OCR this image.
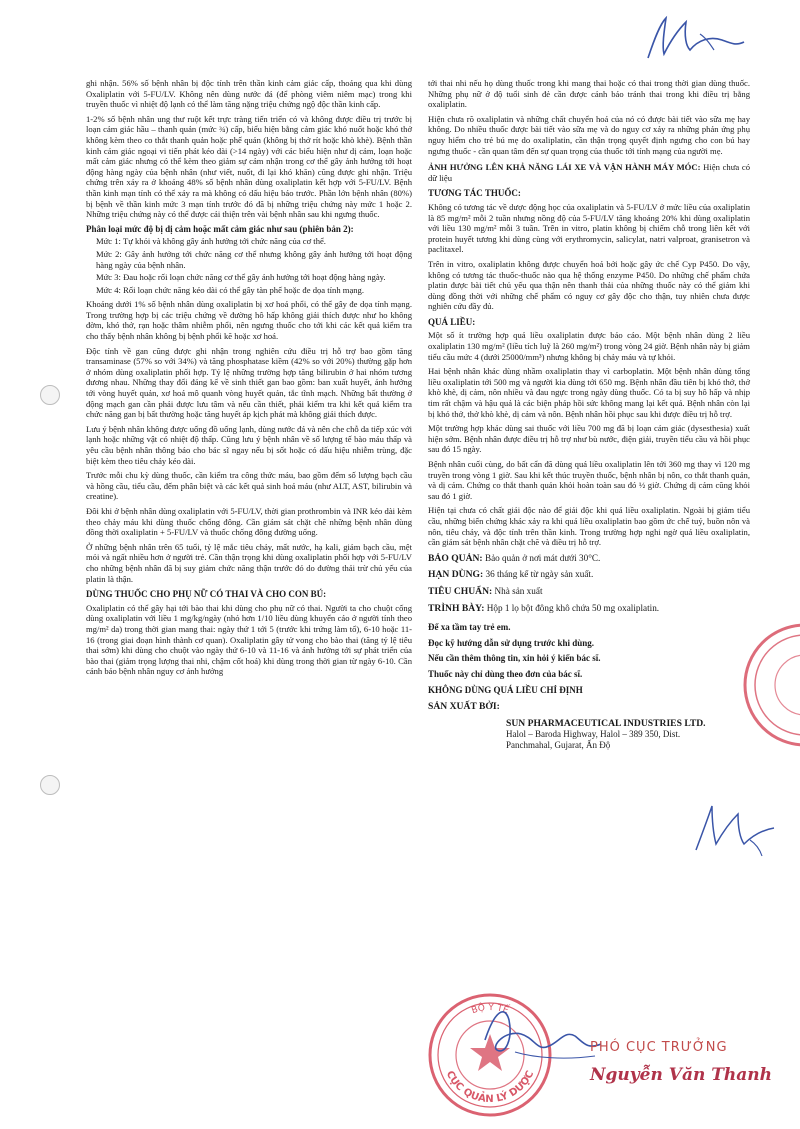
ghi nhận. 56% số bệnh nhân bị độc tính trên thần kinh cảm giác cấp, thoáng qua khi dùng Oxaliplatin với 5-FU/LV. Không nên dùng nước đá (để phòng viêm niêm mạc) trong khi truyền thuốc vì nhiệt độ lạnh có thể làm tăng nặng triệu chứng ngộ độc thần kinh cấp.

1-2% số bệnh nhân ung thư ruột kết trực tràng tiến triển có và không được điều trị trước bị loạn cảm giác hầu – thanh quản (mức ¾) cấp, biểu hiện bằng cảm giác khó nuốt hoặc khó thở không kèm theo co thắt thanh quản hoặc phế quản (không bị thở rít hoặc khò khè). Bệnh thần kinh cảm giác ngoại vi tiến phát kéo dài (>14 ngày) với các biểu hiện như dị cảm, loạn hoặc mất cảm giác nhưng có thể kèm theo giảm sự cảm nhận trong cơ thể gây ảnh hưởng tới hoạt động hàng ngày của bệnh nhân (như viết, nuốt, đi lại khó khăn) cũng được ghi nhận. Triệu chứng trên xảy ra ở khoảng 48% số bệnh nhân dùng oxaliplatin kết hợp với 5-FU/LV. Bệnh thần kinh mạn tính có thể xảy ra mà không có dấu hiệu báo trước. Phần lớn bệnh nhân (80%) bị bệnh về thần kinh mức 3 mạn tính trước đó đã bị những triệu chứng này mức 1 hoặc 2. Những triệu chứng này có thể được cải thiện trên vài bệnh nhân sau khi ngưng thuốc.

Phân loại mức độ bị dị cảm hoặc mất cảm giác như sau (phiên bản 2):
Mức 1: Tự khỏi và không gây ảnh hưởng tới chức năng của cơ thể.
Mức 2: Gây ảnh hưởng tới chức năng cơ thể nhưng không gây ảnh hưởng tới hoạt động hàng ngày của bệnh nhân.
Mức 3: Đau hoặc rối loạn chức năng cơ thể gây ảnh hưởng tới hoạt động hàng ngày.
Mức 4: Rối loạn chức năng kéo dài có thể gây tàn phế hoặc đe dọa tính mạng.

Khoảng dưới 1% số bệnh nhân dùng oxaliplatin bị xơ hoá phổi, có thể gây đe dọa tính mạng. Trong trường hợp bị các triệu chứng về đường hô hấp không giải thích được như ho không đờm, khó thở, rạn hoặc thâm nhiễm phổi, nên ngưng thuốc cho tới khi các kết quả kiểm tra cho thấy bệnh nhân không bị bệnh phổi kẽ hoặc xơ hoá.

Độc tính về gan cũng được ghi nhận trong nghiên cứu điều trị hỗ trợ bao gồm tăng transaminase (57% so với 34%) và tăng phosphatase kiềm (42% so với 20%) thường gặp hơn ở nhóm dùng oxaliplatin phối hợp. Tỷ lệ những trường hợp tăng bilirubin ở hai nhóm tương đương nhau. Những thay đổi đáng kể về sinh thiết gan bao gồm: ban xuất huyết, ảnh hưởng tới vòng huyết quản, xơ hoá mô quanh vòng huyết quản, tắc tĩnh mạch. Những bất thường ở động mạch gan cần phải được lưu tâm và nếu cần thiết, phải kiểm tra khi kết quả kiểm tra chức năng gan bị bất thường hoặc tăng huyết áp kịch phát mà không giải thích được.

Lưu ý bệnh nhân không được uống đồ uống lạnh, dùng nước đá và nên che chỗ da tiếp xúc với lạnh hoặc những vật có nhiệt độ thấp. Cũng lưu ý bệnh nhân về số lượng tế bào máu thấp và yêu cầu bệnh nhân thông báo cho bác sĩ ngay nếu bị sốt hoặc có dấu hiệu nhiễm trùng, đặc biệt kèm theo tiêu chảy kéo dài.

Trước mỗi chu kỳ dùng thuốc, cần kiểm tra công thức máu, bao gồm đếm số lượng bạch cầu và hồng cầu, tiểu cầu, đếm phân biệt và các kết quả sinh hoá máu (như ALT, AST, bilirubin và creatine).

Đôi khi ở bệnh nhân dùng oxaliplatin với 5-FU/LV, thời gian prothrombin và INR kéo dài kèm theo chảy máu khi dùng thuốc chống đông. Cần giám sát chặt chẽ những bệnh nhân dùng đồng thời oxaliplatin + 5-FU/LV và thuốc chống đông đường uống.

Ở những bệnh nhân trên 65 tuổi, tỷ lệ mắc tiêu chảy, mất nước, hạ kali, giảm bạch cầu, mệt mỏi và ngất nhiều hơn ở người trẻ. Cần thận trọng khi dùng oxaliplatin phối hợp với 5-FU/LV cho những bệnh nhân đã bị suy giảm chức năng thận trước đó do đường thải trừ chủ yếu của platin là thận.

DÙNG THUỐC CHO PHỤ NỮ CÓ THAI VÀ CHO CON BÚ:

Oxaliplatin có thể gây hại tới bào thai khi dùng cho phụ nữ có thai. Người ta cho chuột cống dùng oxaliplatin với liều 1 mg/kg/ngày (nhỏ hơn 1/10 liều dùng khuyến cáo ở người tính theo mg/m² da) trong thời gian mang thai: ngày thứ 1 tới 5 (trước khi trứng làm tổ), 6-10 hoặc 11-16 (trong giai đoạn hình thành cơ quan). Oxaliplatin gây tử vong cho bào thai (tăng tỷ lệ tiêu thai sớm) khi dùng cho chuột vào ngày thứ 6-10 và 11-16 và ảnh hưởng tới sự phát triển của bào thai (giảm trọng lượng thai nhi, chậm cốt hoá) khi dùng trong thời gian từ ngày 6-10. Cần cảnh báo bệnh nhân nguy cơ ảnh hưởng

tới thai nhi nếu họ dùng thuốc trong khi mang thai hoặc có thai trong thời gian dùng thuốc. Những phụ nữ ở độ tuổi sinh đẻ cần được cảnh báo tránh thai trong khi điều trị bằng oxaliplatin.

Hiện chưa rõ oxaliplatin và những chất chuyển hoá của nó có được bài tiết vào sữa mẹ hay không. Do nhiều thuốc được bài tiết vào sữa mẹ và do nguy cơ xảy ra những phản ứng phụ nguy hiểm cho trẻ bú mẹ do oxaliplatin, cần thận trọng quyết định ngưng cho con bú hay ngưng thuốc - cần quan tâm đến sự quan trọng của thuốc tới tính mạng của người mẹ.

ẢNH HƯỞNG LÊN KHẢ NĂNG LÁI XE VÀ VẬN HÀNH MÁY MÓC: Hiện chưa có dữ liệu

TƯƠNG TÁC THUỐC:

Không có tương tác về dược động học của oxaliplatin và 5-FU/LV ở mức liều của oxaliplatin là 85 mg/m² mỗi 2 tuần nhưng nồng độ của 5-FU/LV tăng khoảng 20% khi dùng oxaliplatin với liều 130 mg/m² mỗi 3 tuần. Trên in vitro, platin không bị chiếm chỗ trong liên kết với protein huyết tương khi dùng cùng với erythromycin, salicylat, natri valproat, granisetron và paclitaxel.

Trên in vitro, oxaliplatin không được chuyển hoá bởi hoặc gây ức chế Cyp P450. Do vậy, không có tương tác thuốc-thuốc nào qua hệ thống enzyme P450. Do những chế phẩm chứa platin được bài tiết chủ yếu qua thận nên thanh thải của những thuốc này có thể giảm khi dùng đồng thời với những chế phẩm có nguy cơ gây độc cho thận, tuy nhiên chưa được nghiên cứu đầy đủ.

QUÁ LIỀU:

Một số ít trường hợp quá liều oxaliplatin được báo cáo. Một bệnh nhân dùng 2 liều oxaliplatin 130 mg/m² (liều tích luỹ là 260 mg/m²) trong vòng 24 giờ. Bệnh nhân này bị giảm tiểu cầu mức 4 (dưới 25000/mm³) nhưng không bị chảy máu và tự khỏi.

Hai bệnh nhân khác dùng nhầm oxaliplatin thay vì carboplatin. Một bệnh nhân dùng tổng liều oxaliplatin tới 500 mg và người kia dùng tới 650 mg. Bệnh nhân đầu tiên bị khó thở, thở khò khè, dị cảm, nôn nhiều và đau ngực trong ngày dùng thuốc. Có ta bị suy hô hấp và nhịp tim rất chậm và hậu quả là các biện pháp hồi sức không mang lại kết quả. Bệnh nhân còn lại bị khó thở, thở khò khè, dị cảm và nôn. Bệnh nhân hồi phục sau khi được điều trị hỗ trợ.

Một trường hợp khác dùng sai thuốc với liều 700 mg đã bị loạn cảm giác (dysesthesia) xuất hiện sớm. Bệnh nhân được điều trị hỗ trợ như bù nước, điện giải, truyền tiểu cầu và hồi phục sau đó 15 ngày.

Bệnh nhân cuối cùng, do bất cẩn đã dùng quá liều oxaliplatin lên tới 360 mg thay vì 120 mg truyền trong vòng 1 giờ. Sau khi kết thúc truyền thuốc, bệnh nhân bị nôn, co thắt thanh quản, và dị cảm. Chứng co thắt thanh quản khỏi hoàn toàn sau đó ½ giờ. Chứng dị cảm cũng khỏi sau đó 1 giờ.

Hiện tại chưa có chất giải độc nào để giải độc khi quá liều oxaliplatin. Ngoài bị giảm tiểu cầu, những biến chứng khác xảy ra khi quá liều oxaliplatin bao gồm ức chế tuỷ, buồn nôn và nôn, tiêu chảy, và độc tính trên thần kinh. Trong trường hợp nghi ngờ quá liều oxaliplatin, cần giám sát bệnh nhân chặt chẽ và điều trị hỗ trợ.

BẢO QUẢN: Bảo quản ở nơi mát dưới 30°C.
HẠN DÙNG: 36 tháng kể từ ngày sản xuất.
TIÊU CHUẨN: Nhà sản xuất
TRÌNH BÀY: Hộp 1 lọ bột đông khô chứa 50 mg oxaliplatin.
Để xa tầm tay trẻ em.
Đọc kỹ hướng dẫn sử dụng trước khi dùng.
Nếu cần thêm thông tin, xin hỏi ý kiến bác sĩ.
Thuốc này chỉ dùng theo đơn của bác sĩ.
KHÔNG DÙNG QUÁ LIỀU CHỈ ĐỊNH
SẢN XUẤT BỞI:
SUN PHARMACEUTICAL INDUSTRIES LTD.
Halol – Baroda Highway, Halol – 389 350, Dist.
Panchmahal, Gujarat, Ấn Độ
BỘ Y TẾ
CỤC QUẢN LÝ DƯỢC
PHÓ CỤC TRƯỞNG
Nguyễn Văn Thanh
